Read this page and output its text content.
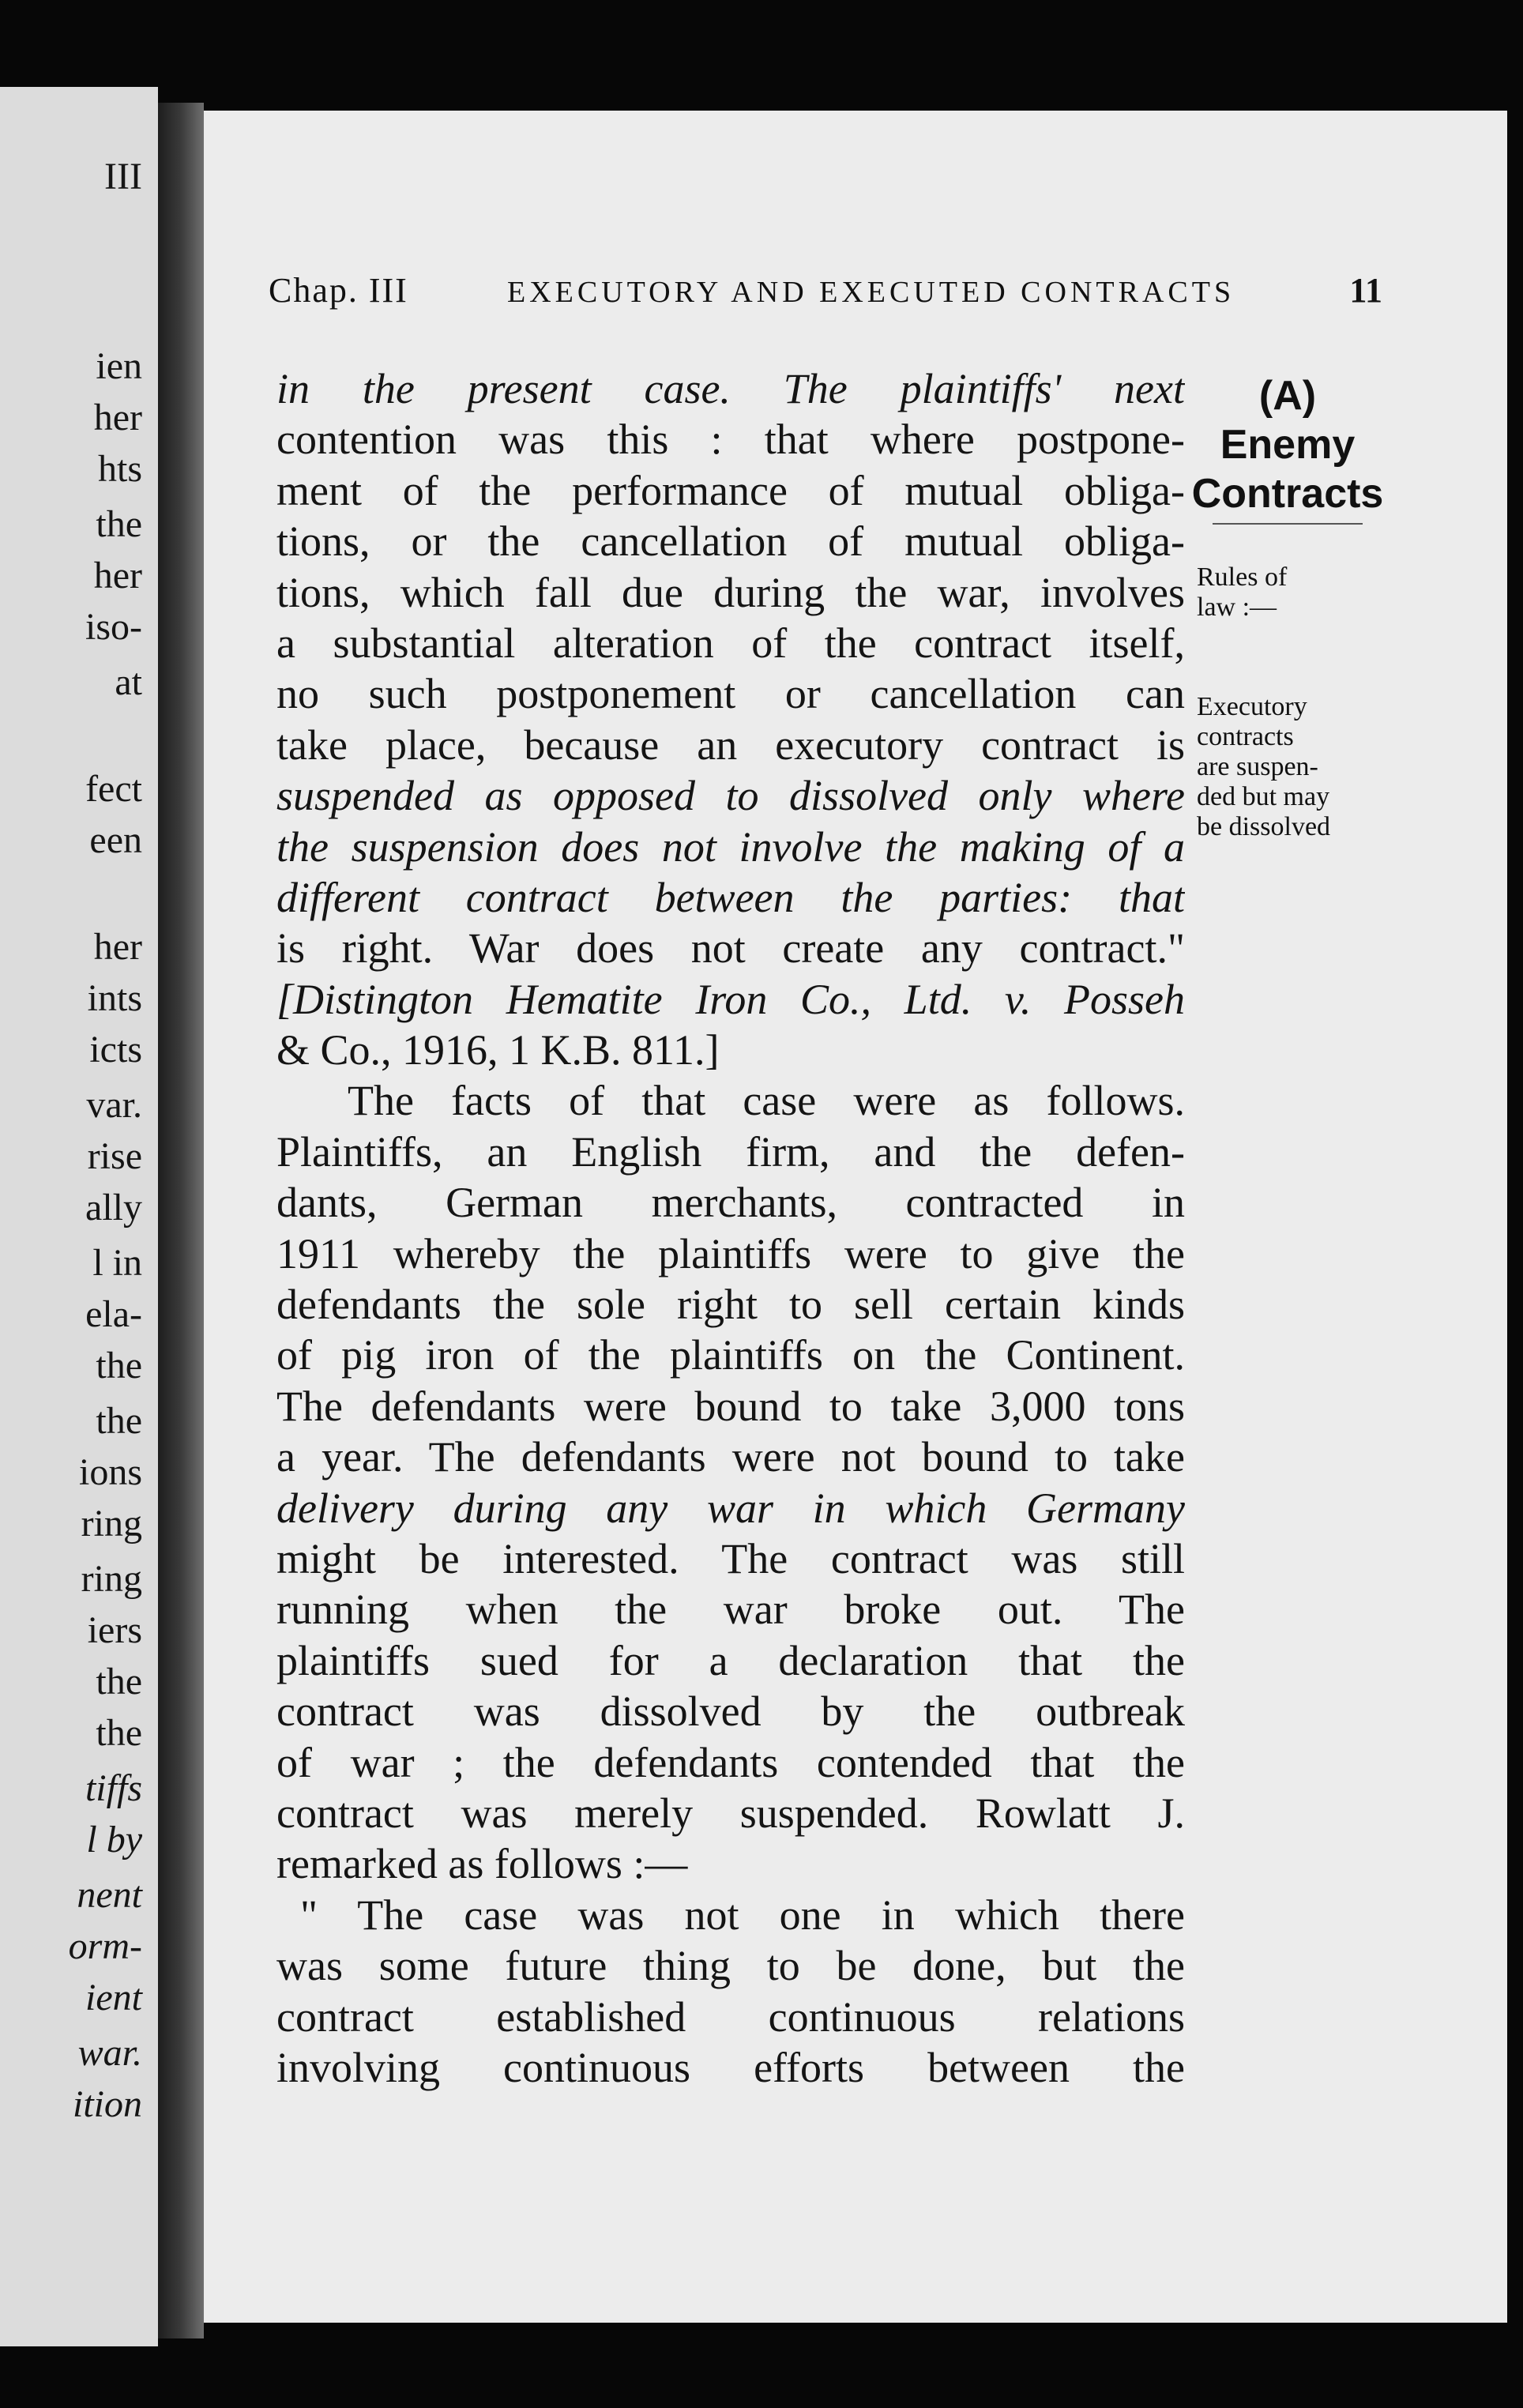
III
ien
her
hts
the
her
iso-
at
fect
een
her
ints
icts
var.
rise
ally
l in
ela-
the
the
ions
ring
ring
iers
the
the
tiffs
l by
nent
orm-
ient
war.
ition
Chap. III	EXECUTORY AND EXECUTED CONTRACTS	11
in the present case. The plaintiffs' next
contention was this : that where postpone-
ment of the performance of mutual obliga-
tions, or the cancellation of mutual obliga-
tions, which fall due during the war, involves
a substantial alteration of the contract itself,
no such postponement or cancellation can
take place, because an executory contract is
suspended as opposed to dissolved only where
the suspension does not involve the making of a
different contract between the parties: that
is right. War does not create any contract."
[Distington Hematite Iron Co., Ltd. v. Posseh
& Co., 1916, 1 K.B. 811.]
The facts of that case were as follows.
Plaintiffs, an English firm, and the defen-
dants, German merchants, contracted in
1911 whereby the plaintiffs were to give the
defendants the sole right to sell certain kinds
of pig iron of the plaintiffs on the Continent.
The defendants were bound to take 3,000 tons
a year. The defendants were not bound to take
delivery during any war in which Germany
might be interested. The contract was still
running when the war broke out. The
plaintiffs sued for a declaration that the
contract was dissolved by the outbreak
of war ; the defendants contended that the
contract was merely suspended. Rowlatt J.
remarked as follows :—
" The case was not one in which there
was some future thing to be done, but the
contract established continuous relations
involving continuous efforts between the
(A)
Enemy
Contracts
Rules of
law :—
Executory
contracts
are suspen-
ded but may
be dissolved
